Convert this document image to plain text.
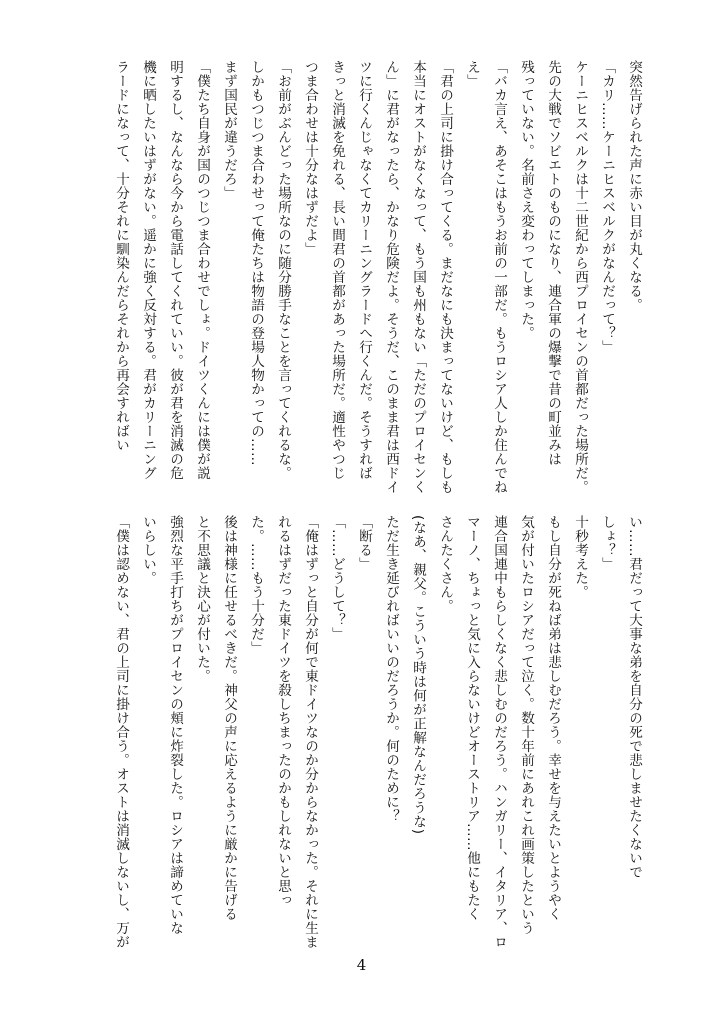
突然告げられた声に赤い目が丸くなる。
「カリ……ケーニヒスベルクがなんだって？」
ケーニヒスベルクは十二世紀から西プロイセンの首都だった場所だ。
先の大戦でソビエトのものになり、連合軍の爆撃で昔の町並みは
残っていない。名前さえ変わってしまった。
「バカ言え、あそこはもうお前の一部だ。もうロシア人しか住んでね
え」
「君の上司に掛け合ってくる。まだなにも決まってないけど、もしも
本当にオストがなくなって、もう国も州もない「ただのプロイセンく
ん」に君がなったら、かなり危険だよ。そうだ、このまま君は西ドイ
ツに行くんじゃなくてカリーニングラードへ行くんだ。そうすれば
きっと消滅を免れる、長い間君の首都があった場所だ。適性やつじ
つま合わせは十分なはずだよ」
「お前がぶんどった場所なのに随分勝手なことを言ってくれるな。
しかもつじつま合わせって俺たちは物語の登場人物かっての……
まず国民が違うだろ」
「僕たち自身が国のつじつま合わせでしょ。ドイツくんには僕が説
明するし、なんなら今から電話してくれていい。彼が君を消滅の危
機に晒したいはずがない。遥かに強く反対する。君がカリーニング
ラードになって、十分それに馴染んだらそれから再会すればい
い……君だって大事な弟を自分の死で悲しませたくないで
しょ？」
十秒考えた。
もし自分が死ねば弟は悲しむだろう。幸せを与えたいとようやく
気が付いたロシアだって泣く。数十年前にあれこれ画策したという
連合国連中もらしくなく悲しむのだろう。ハンガリー、イタリア、ロ
マーノ、ちょっと気に入らないけどオーストリア……他にもたく
さんたくさん。
(なあ、親父。こういう時は何が正解なんだろうな)
ただ生き延びればいいのだろうか。何のために？
「断る」
「……どうして？」
「俺はずっと自分が何で東ドイツなのか分からなかった。それに生ま
れるはずだった東ドイツを殺しちまったのかもしれないと思っ
た。……もう十分だ」
後は神様に任せるべきだ。神父の声に応えるように厳かに告げる
と不思議と決心が付いた。
強烈な平手打ちがプロイセンの頬に炸裂した。ロシアは諦めていな
いらしい。
「僕は認めない、君の上司に掛け合う。オストは消滅しないし、万が
4
